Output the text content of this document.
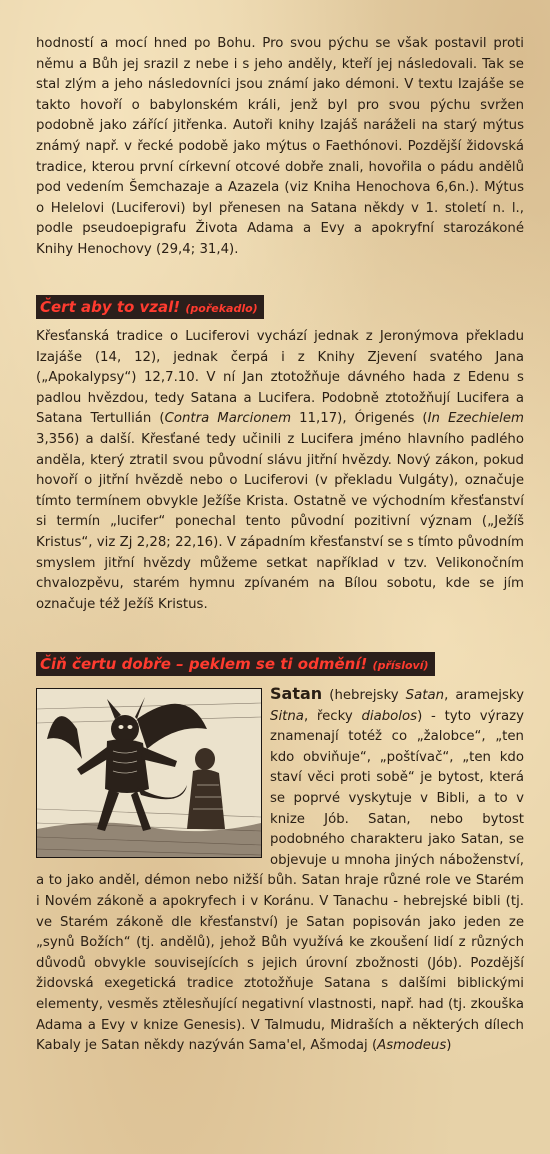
hodností a mocí hned po Bohu. Pro svou pýchu se však postavil proti němu a Bůh jej srazil z nebe i s jeho anděly, kteří jej následovali. Tak se stal zlým a jeho následovníci jsou známí jako démoni. V textu Izajáše se takto hovoří o babylonském králi, jenž byl pro svou pýchu svržen podobně jako zářící jitřenka. Autoři knihy Izajáš naráželi na starý mýtus známý např. v řecké podobě jako mýtus o Faethónovi. Pozdější židovská tradice, kterou první církevní otcové dobře znali, hovořila o pádu andělů pod vedením Šemchazaje a Azazela (viz Kniha Henochova 6,6n.). Mýtus o Helelovi (Luciferovi) byl přenesen na Satana někdy v 1. století n. l., podle pseudoepigrafu Života Adama a Evy a apokryfní starozákoné Knihy Henochovy (29,4; 31,4).

Čert aby to vzal! (pořekadlo)

Křesťanská tradice o Luciferovi vychází jednak z Jeronýmova překladu Izajáše (14, 12), jednak čerpá i z Knihy Zjevení svatého Jana („Apokalypsy“) 12,7.10. V ní Jan ztotožňuje dávného hada z Edenu s padlou hvězdou, tedy Satana a Lucifera. Podobně ztotožňují Lucifera a Satana Tertullián (Contra Marcionem 11,17), Órigenés (In Ezechielem 3,356) a další. Křesťané tedy učinili z Lucifera jméno hlavního padlého anděla, který ztratil svou původní slávu jitřní hvězdy. Nový zákon, pokud hovoří o jitřní hvězdě nebo o Luciferovi (v překladu Vulgáty), označuje tímto termínem obvykle Ježíše Krista. Ostatně ve východním křesťanství si termín „lucifer“ ponechal tento původní pozitivní význam („Ježíš Kristus“, viz Zj 2,28; 22,16). V západním křesťanství se s tímto původním smyslem jitřní hvězdy můžeme setkat například v tzv. Velikonočním chvalozpěvu, starém hymnu zpívaném na Bílou sobotu, kde se jím označuje též Ježíš Kristus.

Čiň čertu dobře – peklem se ti odmění! (přísloví)

Satan (hebrejsky Satan, aramejsky Sitna, řecky diabolos) - tyto výrazy znamenají totéž co „žalobce“, „ten kdo obviňuje“, „poštívač“, „ten kdo staví věci proti sobě“ je bytost, která se poprvé vyskytuje v Bibli, a to v knize Jób. Satan, nebo bytost podobného charakteru jako Satan, se objevuje u mnoha jiných náboženství, a to jako anděl, démon nebo nižší bůh. Satan hraje různé role ve Starém i Novém zákoně a apokryfech i v Koránu. V Tanachu - hebrejské bibli (tj. ve Starém zákoně dle křesťanství) je Satan popisován jako jeden ze „synů Božích“ (tj. andělů), jehož Bůh využívá ke zkoušení lidí z různých důvodů obvykle souvisejících s jejich úrovní zbožnosti (Jób). Pozdější židovská exegetická tradice ztotožňuje Satana s dalšími biblickými elementy, vesměs ztělesňující negativní vlastnosti, např. had (tj. zkouška Adama a Evy v knize Genesis). V Talmudu, Midraších a některých dílech Kabaly je Satan někdy nazýván Sama'el, Ašmodaj (Asmodeus)
